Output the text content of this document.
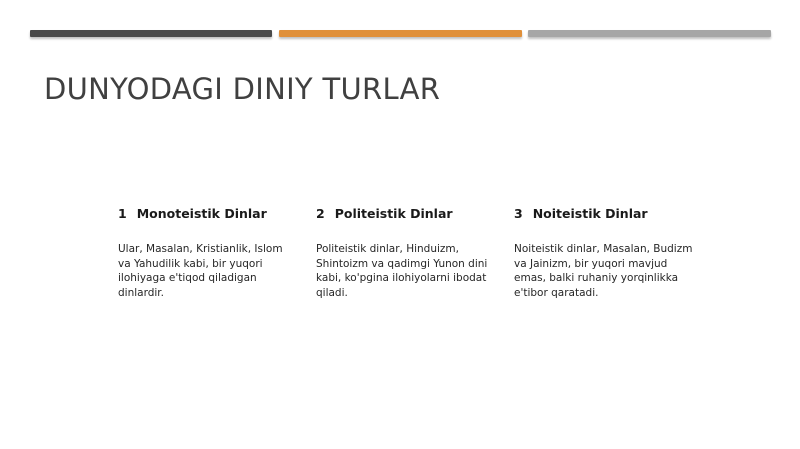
DUNYODAGI DINIY TURLAR
1 Monoteistik Dinlar
Ular, Masalan, Kristianlik, Islom va Yahudilik kabi, bir yuqori ilohiyaga e'tiqod qiladigan dinlardir.
2 Politeistik Dinlar
Politeistik dinlar, Hinduizm, Shintoizm va qadimgi Yunon dini kabi, ko'pgina ilohiyolarni ibodat qiladi.
3 Noiteistik Dinlar
Noiteistik dinlar, Masalan, Budizm va Jainizm, bir yuqori mavjud emas, balki ruhaniy yorqinlikka e'tibor qaratadi.
